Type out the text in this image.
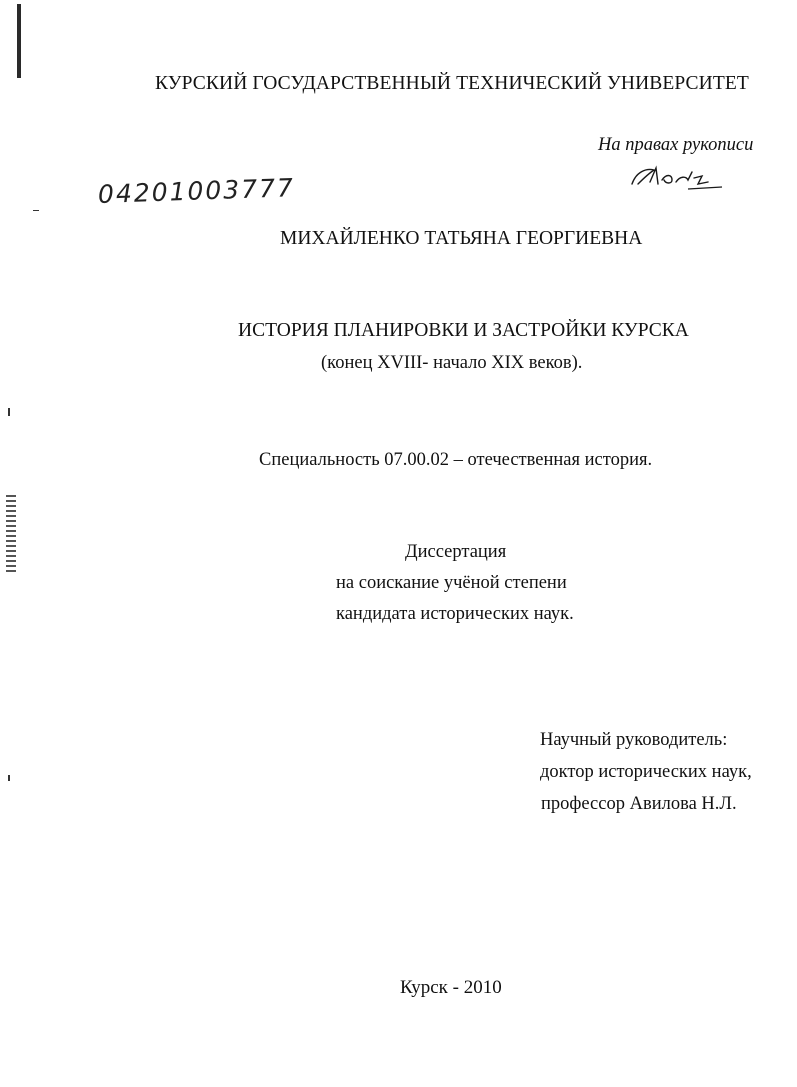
КУРСКИЙ ГОСУДАРСТВЕННЫЙ ТЕХНИЧЕСКИЙ УНИВЕРСИТЕТ
На правах рукописи
04201003777
МИХАЙЛЕНКО ТАТЬЯНА ГЕОРГИЕВНА
ИСТОРИЯ ПЛАНИРОВКИ И ЗАСТРОЙКИ КУРСКА
(конец XVIII- начало XIX веков).
Специальность 07.00.02 – отечественная история.
Диссертация
на соискание учёной степени
кандидата исторических наук.
Научный руководитель:
доктор исторических наук,
профессор Авилова Н.Л.
Курск - 2010
